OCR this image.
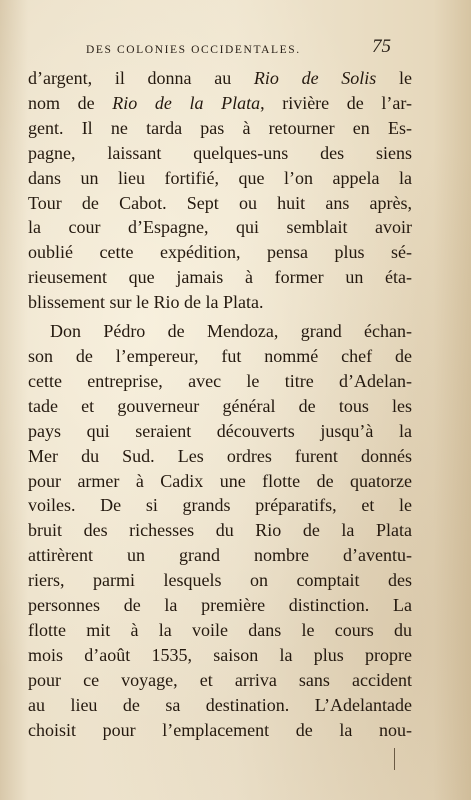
DES COLONIES OCCIDENTALES.	75
d’argent, il donna au Rio de Solis le
nom de Rio de la Plata, rivière de l’ar-
gent. Il ne tarda pas à retourner en Es-
pagne, laissant quelques-uns des siens
dans un lieu fortifié, que l’on appela la
Tour de Cabot. Sept ou huit ans après,
la cour d’Espagne, qui semblait avoir
oublié cette expédition, pensa plus sé-
rieusement que jamais à former un éta-
blissement sur le Rio de la Plata.
Don Pédro de Mendoza, grand échan-
son de l’empereur, fut nommé chef de
cette entreprise, avec le titre d’Adelan-
tade et gouverneur général de tous les
pays qui seraient découverts jusqu’à la
Mer du Sud. Les ordres furent donnés
pour armer à Cadix une flotte de quatorze
voiles. De si grands préparatifs, et le
bruit des richesses du Rio de la Plata
attirèrent un grand nombre d’aventu-
riers, parmi lesquels on comptait des
personnes de la première distinction. La
flotte mit à la voile dans le cours du
mois d’août 1535, saison la plus propre
pour ce voyage, et arriva sans accident
au lieu de sa destination. L’Adelantade
choisit pour l’emplacement de la nou-
